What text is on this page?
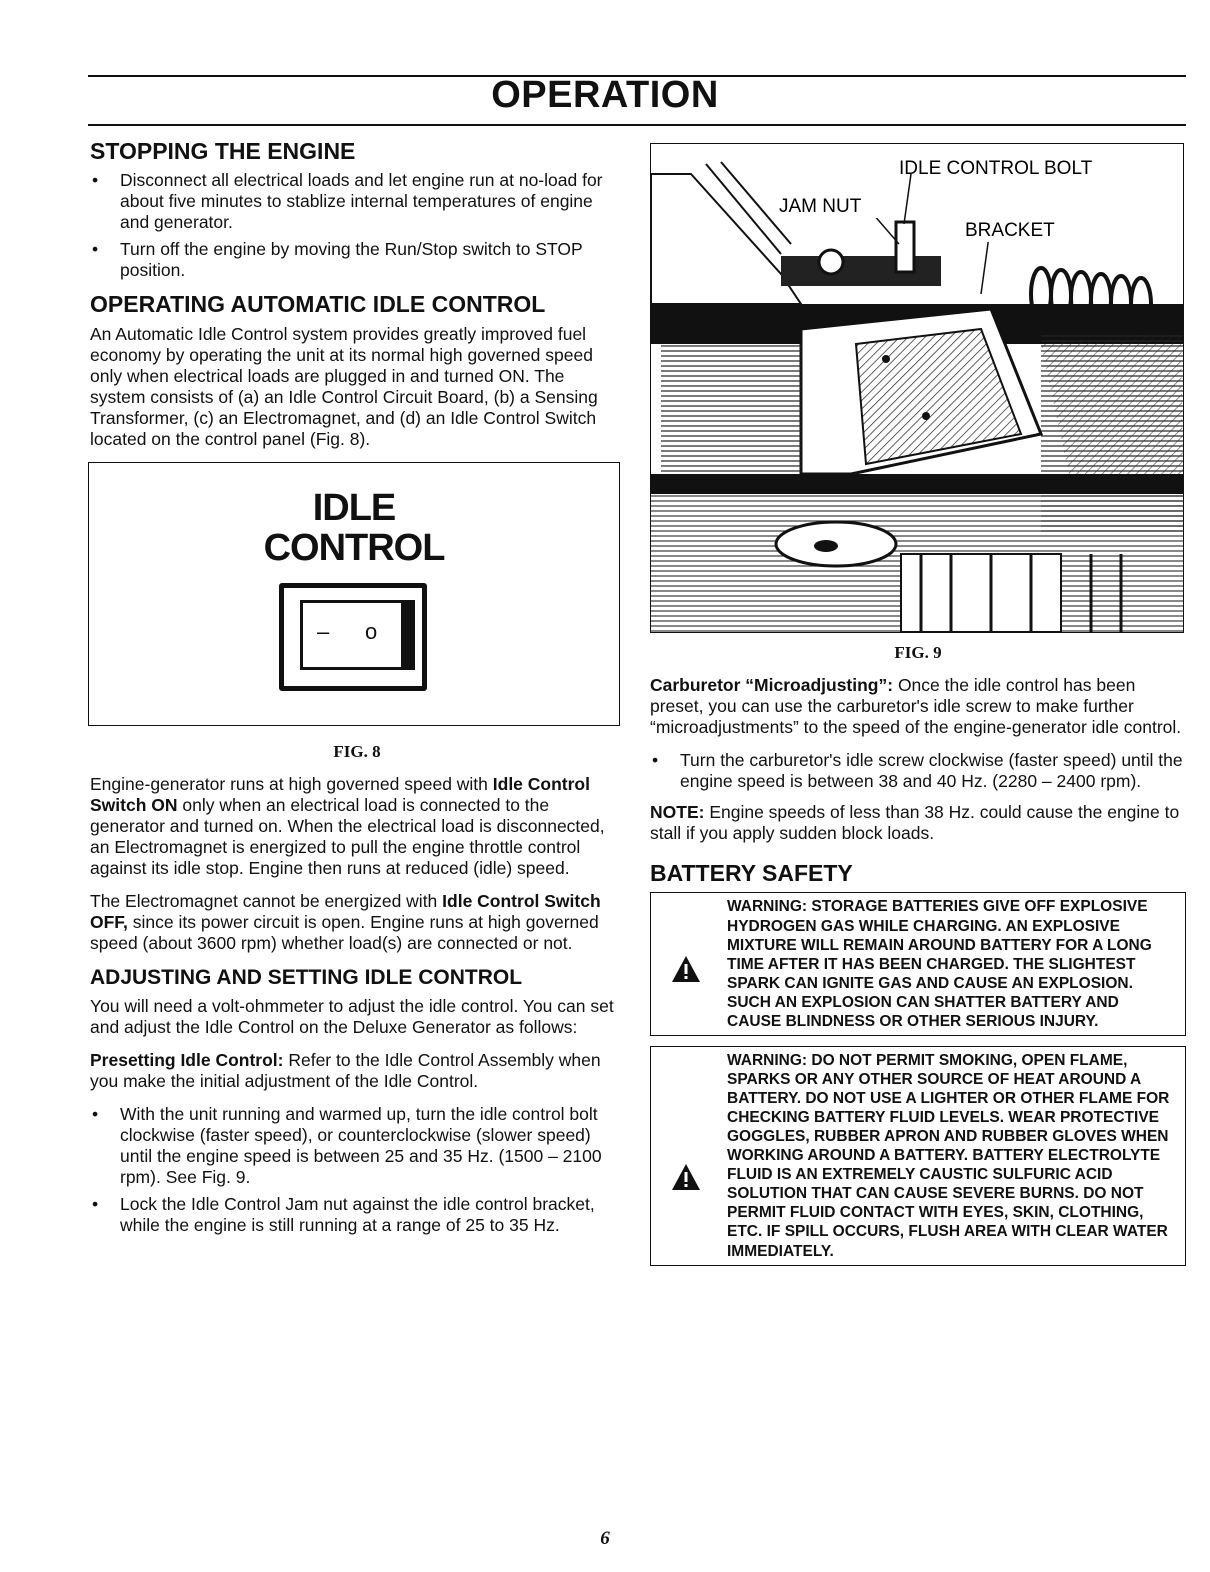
OPERATION
STOPPING THE ENGINE
• Disconnect all electrical loads and let engine run at no-load for about five minutes to stablize internal temperatures of engine and generator.
• Turn off the engine by moving the Run/Stop switch to STOP position.
OPERATING AUTOMATIC IDLE CONTROL

An Automatic Idle Control system provides greatly improved fuel economy by operating the unit at its normal high governed speed only when electrical loads are plugged in and turned ON. The system consists of (a) an Idle Control Circuit Board, (b) a Sensing Transformer, (c) an Electromagnet, and (d) an Idle Control Switch located on the control panel (Fig. 8).

IDLE
CONTROL
– o
FIG. 8

Engine-generator runs at high governed speed with Idle Control Switch ON only when an electrical load is connected to the generator and turned on. When the electrical load is disconnected, an Electromagnet is energized to pull the engine throttle control against its idle stop. Engine then runs at reduced (idle) speed.

The Electromagnet cannot be energized with Idle Control Switch OFF, since its power circuit is open. Engine runs at high governed speed (about 3600 rpm) whether load(s) are connected or not.

ADJUSTING AND SETTING IDLE CONTROL

You will need a volt-ohmmeter to adjust the idle control. You can set and adjust the Idle Control on the Deluxe Generator as follows:

Presetting Idle Control: Refer to the Idle Control Assembly when you make the initial adjustment of the Idle Control.

• With the unit running and warmed up, turn the idle control bolt clockwise (faster speed), or counterclockwise (slower speed) until the engine speed is between 25 and 35 Hz. (1500 – 2100 rpm). See Fig. 9.
• Lock the Idle Control Jam nut against the idle control bracket, while the engine is still running at a range of 25 to 35 Hz.
IDLE CONTROL BOLT
JAM NUT
BRACKET
FIG. 9

Carburetor “Microadjusting”: Once the idle control has been preset, you can use the carburetor's idle screw to make further “microadjustments” to the speed of the engine-generator idle control.

• Turn the carburetor's idle screw clockwise (faster speed) until the engine speed is between 38 and 40 Hz. (2280 – 2400 rpm).

NOTE: Engine speeds of less than 38 Hz. could cause the engine to stall if you apply sudden block loads.

BATTERY SAFETY

WARNING: STORAGE BATTERIES GIVE OFF EXPLOSIVE HYDROGEN GAS WHILE CHARGING. AN EXPLOSIVE MIXTURE WILL REMAIN AROUND BATTERY FOR A LONG TIME AFTER IT HAS BEEN CHARGED. THE SLIGHTEST SPARK CAN IGNITE GAS AND CAUSE AN EXPLOSION. SUCH AN EXPLOSION CAN SHATTER BATTERY AND CAUSE BLINDNESS OR OTHER SERIOUS INJURY.

WARNING: DO NOT PERMIT SMOKING, OPEN FLAME, SPARKS OR ANY OTHER SOURCE OF HEAT AROUND A BATTERY. DO NOT USE A LIGHTER OR OTHER FLAME FOR CHECKING BATTERY FLUID LEVELS. WEAR PROTECTIVE GOGGLES, RUBBER APRON AND RUBBER GLOVES WHEN WORKING AROUND A BATTERY. BATTERY ELECTROLYTE FLUID IS AN EXTREMELY CAUSTIC SULFURIC ACID SOLUTION THAT CAN CAUSE SEVERE BURNS. DO NOT PERMIT FLUID CONTACT WITH EYES, SKIN, CLOTHING, ETC. IF SPILL OCCURS, FLUSH AREA WITH CLEAR WATER IMMEDIATELY.

6
